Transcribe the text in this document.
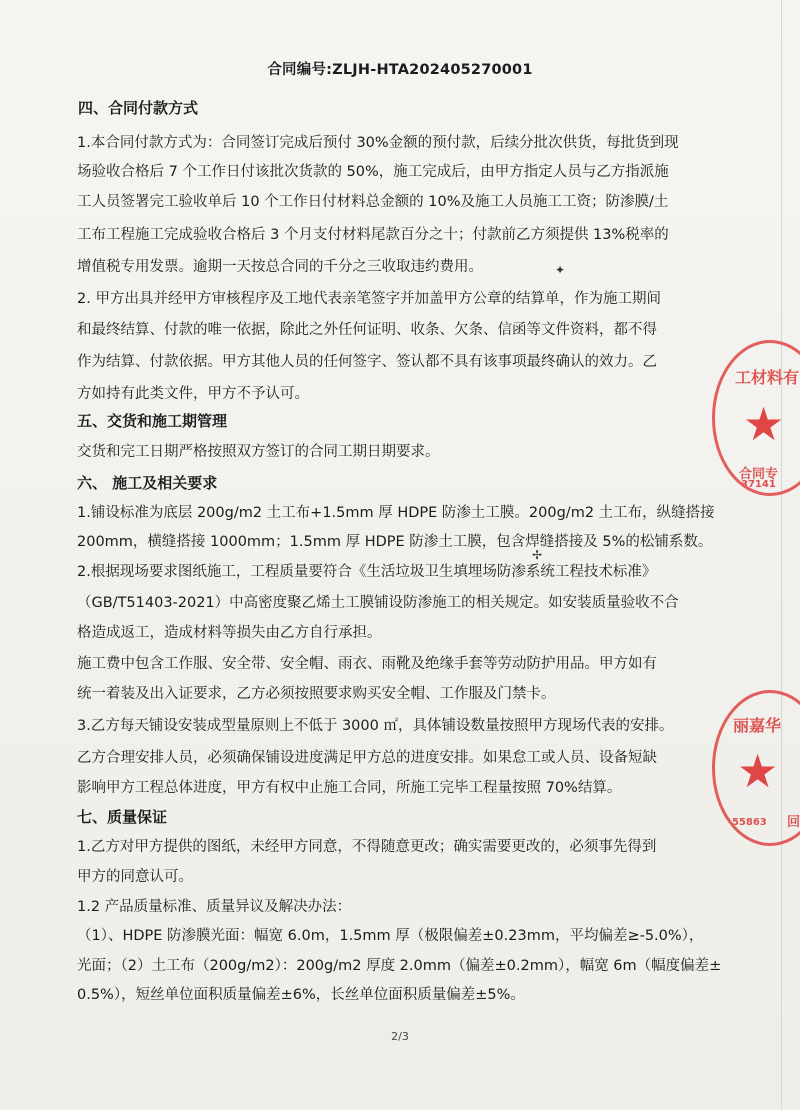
合同编号:ZLJH-HTA202405270001
四、合同付款方式
1.本合同付款方式为：合同签订完成后预付 30%金额的预付款，后续分批次供货，每批货到现
场验收合格后 7 个工作日付该批次货款的 50%，施工完成后，由甲方指定人员与乙方指派施
工人员签署完工验收单后 10 个工作日付材料总金额的 10%及施工人员施工工资；防渗膜/土
工布工程施工完成验收合格后 3 个月支付材料尾款百分之十；付款前乙方须提供 13%税率的
增值税专用发票。逾期一天按总合同的千分之三收取违约费用。
2. 甲方出具并经甲方审核程序及工地代表亲笔签字并加盖甲方公章的结算单，作为施工期间
和最终结算、付款的唯一依据，除此之外任何证明、收条、欠条、信函等文件资料，都不得
作为结算、付款依据。甲方其他人员的任何签字、签认都不具有该事项最终确认的效力。乙
方如持有此类文件，甲方不予认可。
五、交货和施工期管理
交货和完工日期严格按照双方签订的合同工期日期要求。
六、 施工及相关要求
1.铺设标准为底层 200g/m2 土工布+1.5mm 厚 HDPE 防渗土工膜。200g/m2 土工布，纵缝搭接
200mm，横缝搭接 1000mm；1.5mm 厚 HDPE 防渗土工膜，包含焊缝搭接及 5%的松铺系数。
2.根据现场要求图纸施工，工程质量要符合《生活垃圾卫生填埋场防渗系统工程技术标准》
（GB/T51403-2021）中高密度聚乙烯土工膜铺设防渗施工的相关规定。如安装质量验收不合
格造成返工，造成材料等损失由乙方自行承担。
施工费中包含工作服、安全带、安全帽、雨衣、雨靴及绝缘手套等劳动防护用品。甲方如有
统一着装及出入证要求，乙方必须按照要求购买安全帽、工作服及门禁卡。
3.乙方每天铺设安装成型量原则上不低于 3000 ㎡，具体铺设数量按照甲方现场代表的安排。
乙方合理安排人员，必须确保铺设进度满足甲方总的进度安排。如果怠工或人员、设备短缺
影响甲方工程总体进度，甲方有权中止施工合同，所施工完毕工程量按照 70%结算。
七、质量保证
1.乙方对甲方提供的图纸，未经甲方同意，不得随意更改；确实需要更改的，必须事先得到
甲方的同意认可。
1.2 产品质量标准、质量异议及解决办法：
（1）、HDPE 防渗膜光面：幅宽 6.0m，1.5mm 厚（极限偏差±0.23mm，平均偏差≥-5.0%），
光面；（2）土工布（200g/m2）：200g/m2 厚度 2.0mm（偏差±0.2mm），幅宽 6m（幅度偏差±
0.5%），短丝单位面积质量偏差±6%，长丝单位面积质量偏差±5%。
✦
✢
工材料有
★
合同专
37141
丽嘉华
★
155863 回
2/3
